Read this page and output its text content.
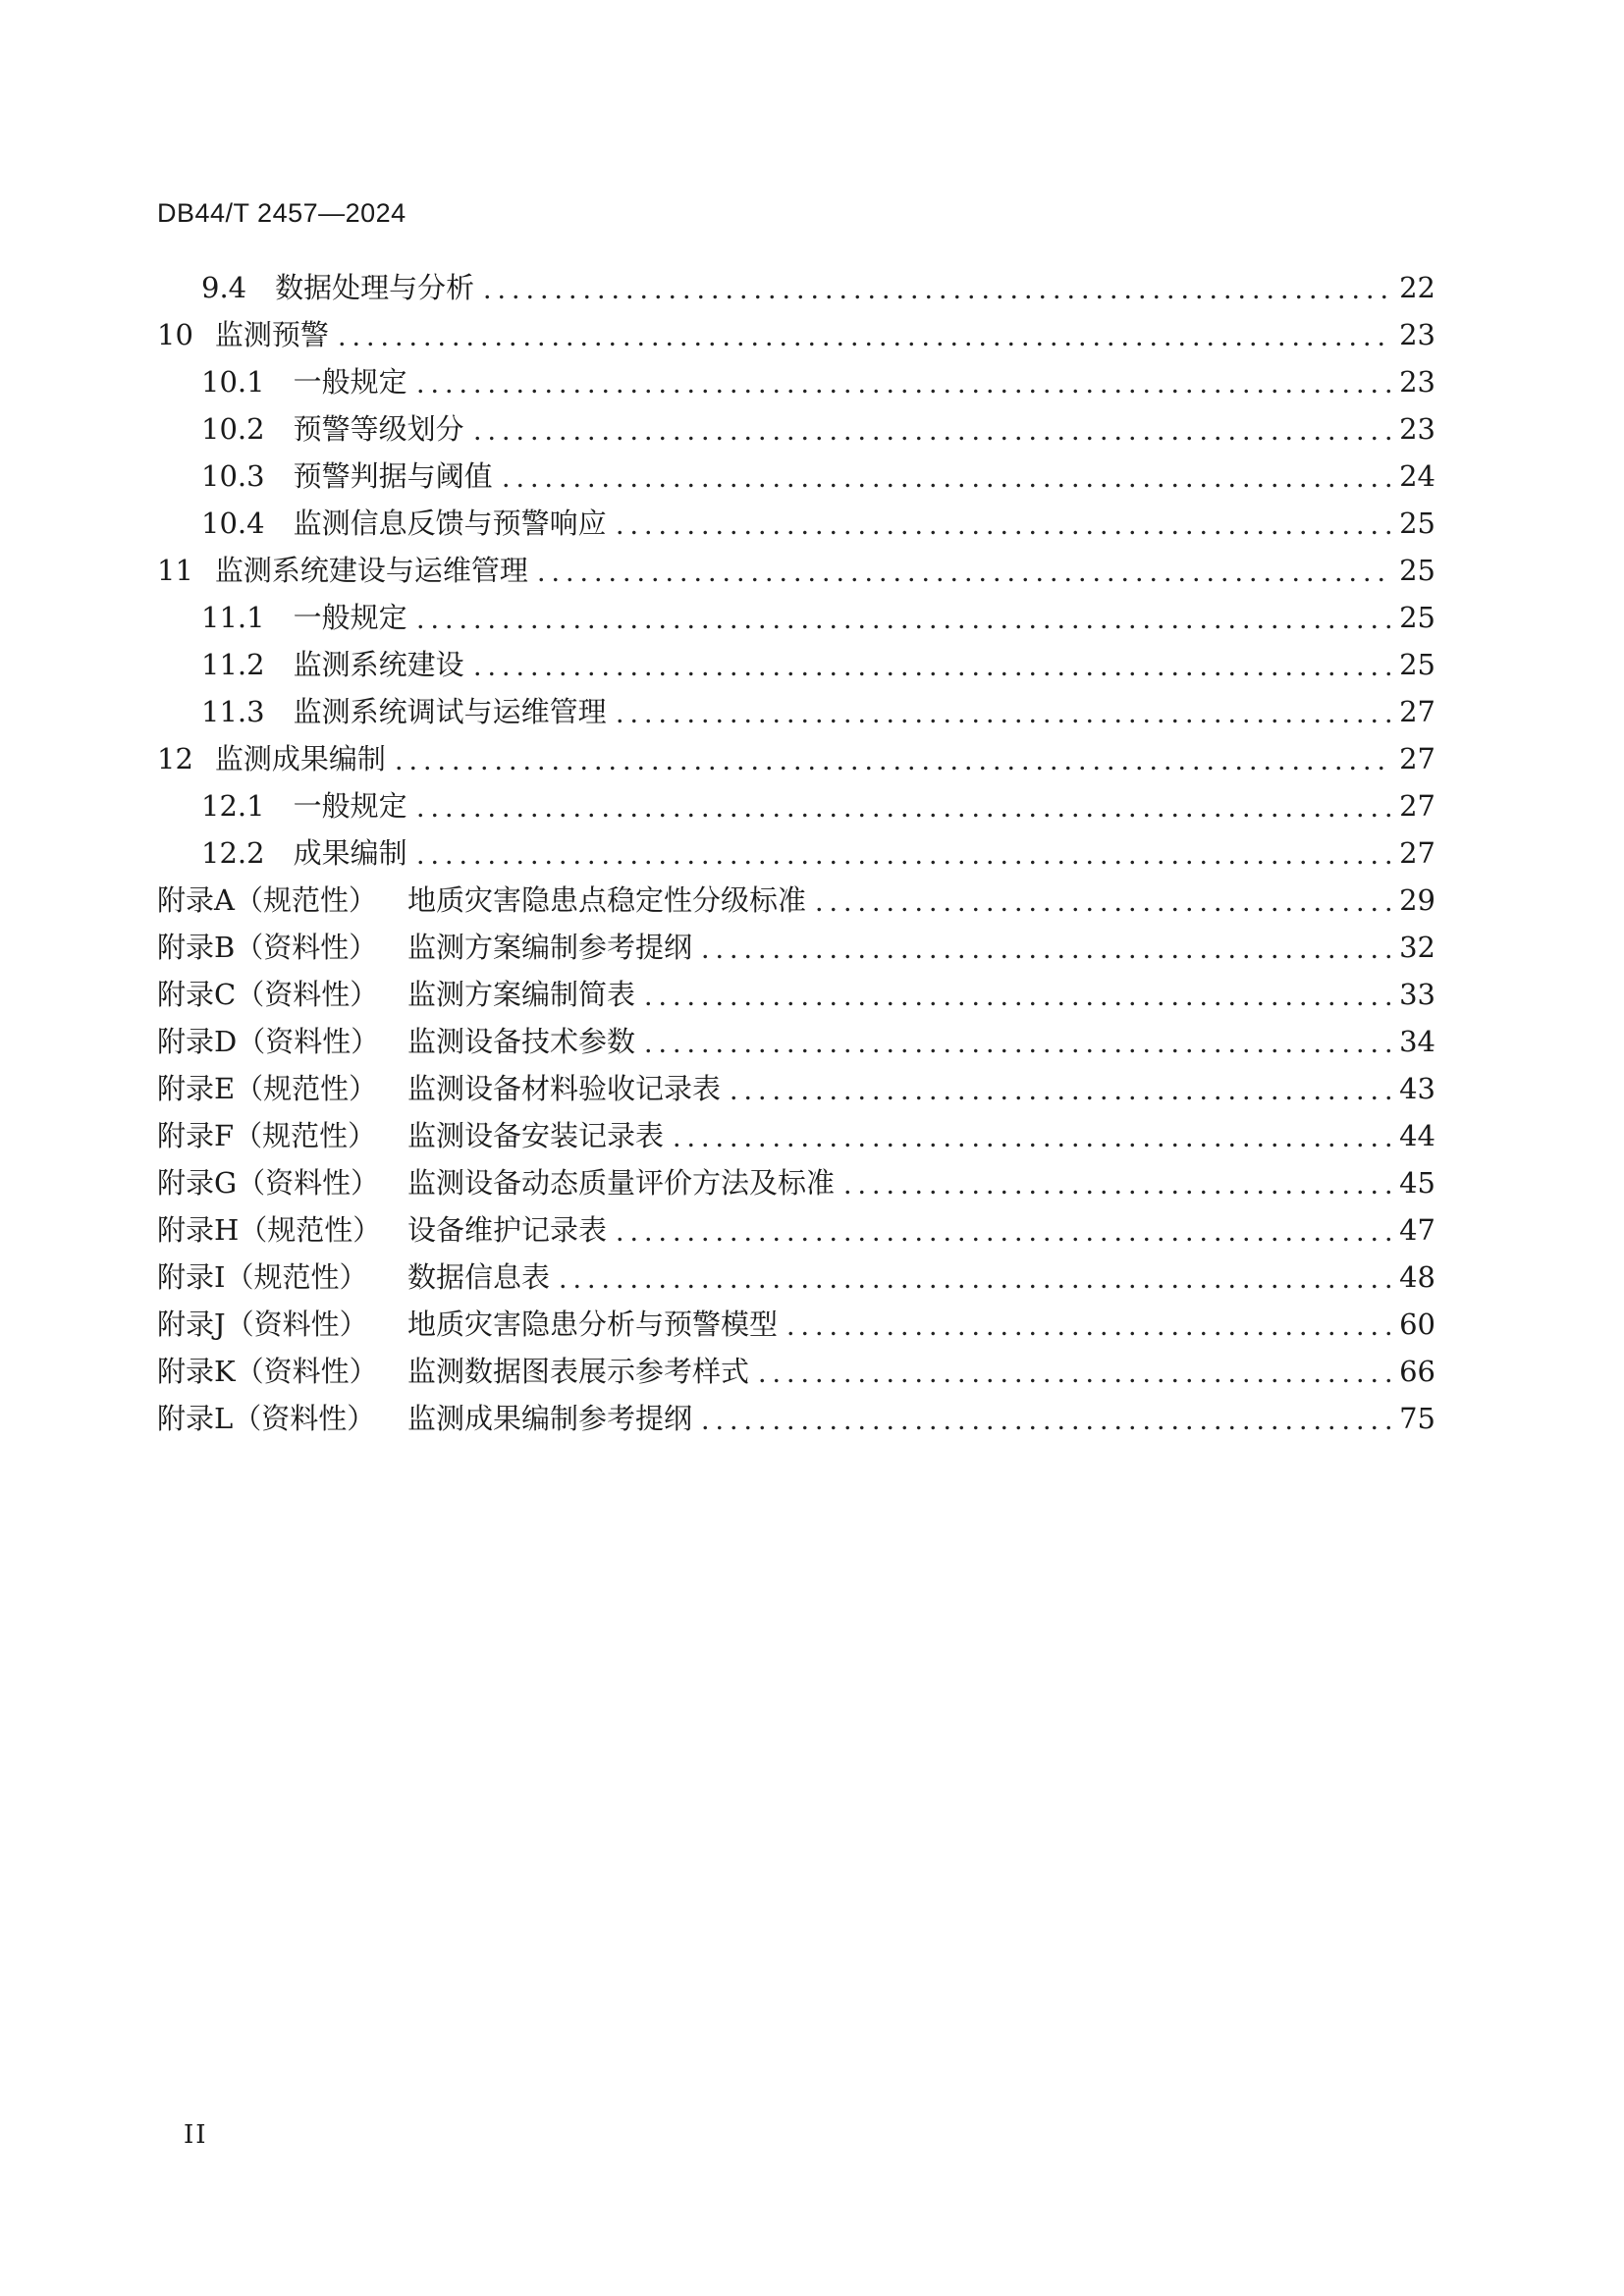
DB44/T 2457—2024
9.4 数据处理与分析	22
10 监测预警	23
10.1 一般规定	23
10.2 预警等级划分	23
10.3 预警判据与阈值	24
10.4 监测信息反馈与预警响应	25
11 监测系统建设与运维管理	25
11.1 一般规定	25
11.2 监测系统建设	25
11.3 监测系统调试与运维管理	27
12 监测成果编制	27
12.1 一般规定	27
12.2 成果编制	27
附录A（规范性）	地质灾害隐患点稳定性分级标准	29
附录B（资料性）	监测方案编制参考提纲	32
附录C（资料性）	监测方案编制简表	33
附录D（资料性） 监测设备技术参数	34
附录E（规范性）	监测设备材料验收记录表	43
附录F（规范性）	监测设备安装记录表	44
附录G（资料性） 监测设备动态质量评价方法及标准	45
附录H（规范性） 设备维护记录表	47
附录I（规范性）	数据信息表	48
附录J（资料性）	地质灾害隐患分析与预警模型	60
附录K（资料性）	监测数据图表展示参考样式	66
附录L（资料性）	监测成果编制参考提纲	75
II
